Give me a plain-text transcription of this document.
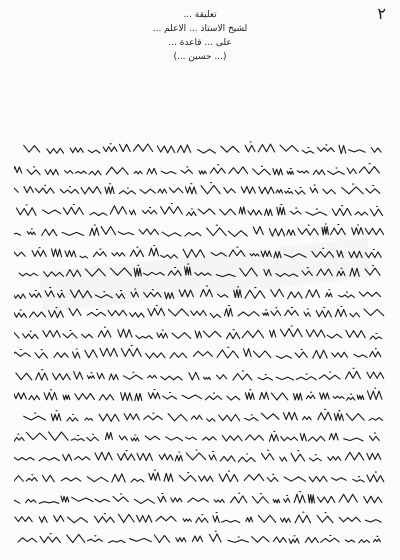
٢
تعليقة ...
لشيخ الاستاذ ... الاعلم ...
على ... قاعدة ...
(... حسين ...)
